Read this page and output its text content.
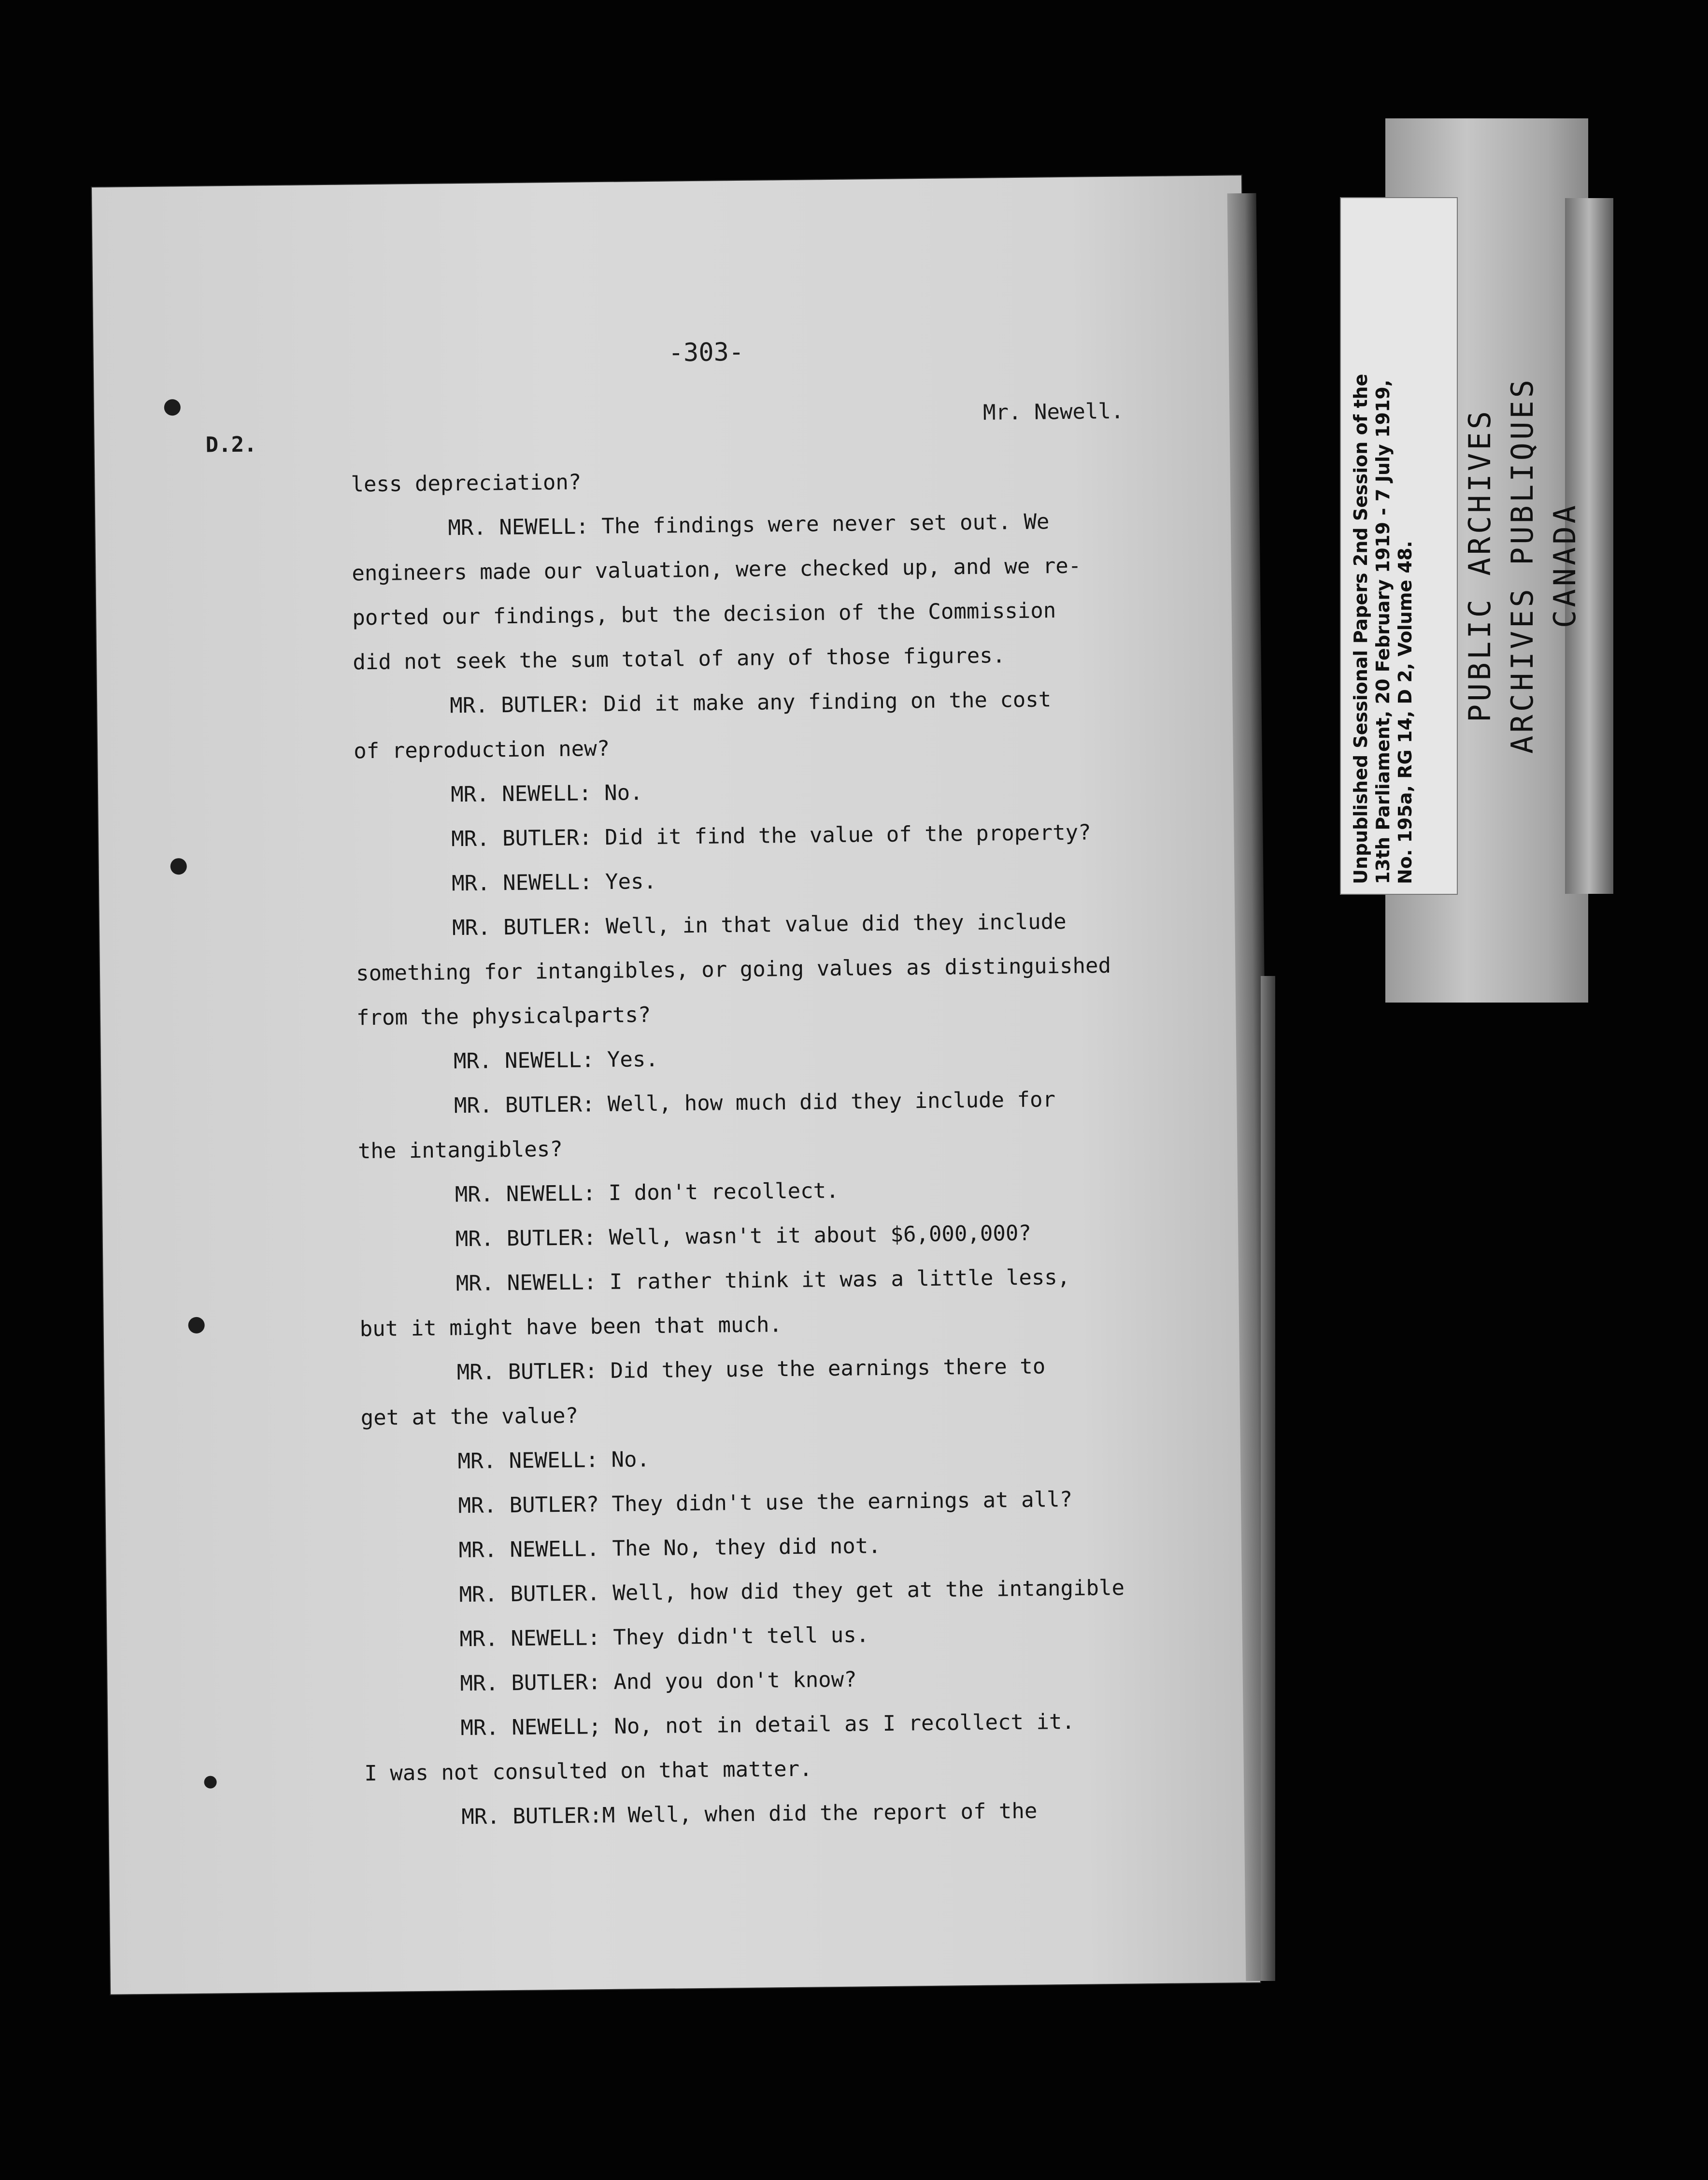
-303-
D.2.
Mr. Newell.
less depreciation?
MR. NEWELL: The findings were never set out. We
engineers made our valuation, were checked up, and we re-
ported our findings, but the decision of the Commission
did not seek the sum total of any of those figures.
MR. BUTLER: Did it make any finding on the cost
of reproduction new?
MR. NEWELL: No.
MR. BUTLER: Did it find the value of the property?
MR. NEWELL: Yes.
MR. BUTLER: Well, in that value did they include
something for intangibles, or going values as distinguished
from the physicalparts?
MR. NEWELL: Yes.
MR. BUTLER: Well, how much did they include for
the intangibles?
MR. NEWELL: I don't recollect.
MR. BUTLER: Well, wasn't it about $6,000,000?
MR. NEWELL: I rather think it was a little less,
but it might have been that much.
MR. BUTLER: Did they use the earnings there to
get at the value?
MR. NEWELL: No.
MR. BUTLER? They didn't use the earnings at all?
MR. NEWELL. The No, they did not.
MR. BUTLER. Well, how did they get at the intangible
MR. NEWELL: They didn't tell us.
MR. BUTLER: And you don't know?
MR. NEWELL; No, not in detail as I recollect it.
I was not consulted on that matter.
MR. BUTLER:M Well, when did the report of the
Unpublished Sessional Papers 2nd Session of the 13th Parliament, 20 February 1919 - 7 July 1919, No. 195a, RG 14, D 2, Volume 48. PUBLIC ARCHIVES ARCHIVES PUBLIQUES CANADA
